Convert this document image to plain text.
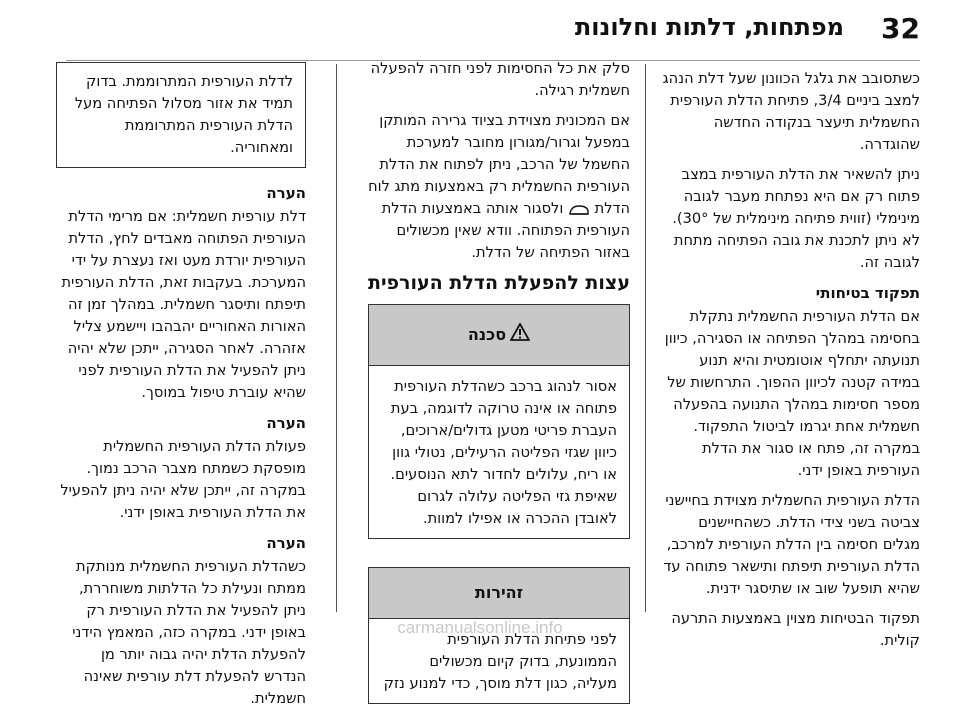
32
מפתחות, דלתות וחלונות

כשתסובב את גלגל הכוונון שעל דלת הנהג למצב ביניים 3/4, פתיחת הדלת העורפית החשמלית תיעצר בנקודה החדשה שהוגדרה.

ניתן להשאיר את הדלת העורפית במצב פתוח רק אם היא נפתחת מעבר לגובה מינימלי (זווית פתיחה מינימלית של 30°). לא ניתן לתכנת את גובה הפתיחה מתחת לגובה זה.

תפקוד בטיחותי

אם הדלת העורפית החשמלית נתקלת בחסימה במהלך הפתיחה או הסגירה, כיוון תנועתה יתחלף אוטומטית והיא תנוע במידה קטנה לכיוון ההפוך. התרחשות של מספר חסימות במהלך התנועה בהפעלה חשמלית אחת יגרמו לביטול התפקוד. במקרה זה, פתח או סגור את הדלת העורפית באופן ידני.

הדלת העורפית החשמלית מצוידת בחיישני צביטה בשני צידי הדלת. כשהחיישנים מגלים חסימה בין הדלת העורפית למרכב, הדלת העורפית תיפתח ותישאר פתוחה עד שהיא תופעל שוב או שתיסגר ידנית.

תפקוד הבטיחות מצוין באמצעות התרעה קולית.

סלק את כל החסימות לפני חזרה להפעלה חשמלית רגילה.

אם המכונית מצוידת בציוד גרירה המותקן במפעל וגרור/מגורון מחובר למערכת החשמל של הרכב, ניתן לפתוח את הדלת העורפית החשמלית רק באמצעות מתג לוח הדלת  ולסגור אותה באמצעות הדלת העורפית הפתוחה. וודא שאין מכשולים באזור הפתיחה של הדלת.

עצות להפעלת הדלת העורפית
סכנה
אסור לנהוג ברכב כשהדלת העורפית פתוחה או אינה טרוקה לדוגמה, בעת העברת פריטי מטען גדולים/ארוכים, כיוון שגזי הפליטה הרעילים, נטולי גוון או ריח, עלולים לחדור לתא הנוסעים. שאיפת גזי הפליטה עלולה לגרום לאובדן ההכרה או אפילו למוות.
זהירות
לפני פתיחת הדלת העורפית הממונעת, בדוק קיום מכשולים מעליה, כגון דלת מוסך, כדי למנוע נזק
לדלת העורפית המתרוממת. בדוק תמיד את אזור מסלול הפתיחה מעל הדלת העורפית המתרוממת ומאחוריה.
הערה

דלת עורפית חשמלית: אם מרימי הדלת העורפית הפתוחה מאבדים לחץ, הדלת העורפית יורדת מעט ואז נעצרת על ידי המערכת. בעקבות זאת, הדלת העורפית תיפתח ותיסגר חשמלית. במהלך זמן זה האורות האחוריים יהבהבו ויישמע צליל אזהרה. לאחר הסגירה, ייתכן שלא יהיה ניתן להפעיל את הדלת העורפית לפני שהיא עוברת טיפול במוסך.

הערה

פעולת הדלת העורפית החשמלית מופסקת כשמתח מצבר הרכב נמוך. במקרה זה, ייתכן שלא יהיה ניתן להפעיל את הדלת העורפית באופן ידני.

הערה

כשהדלת העורפית החשמלית מנותקת ממתח ונעילת כל הדלתות משוחררת, ניתן להפעיל את הדלת העורפית רק באופן ידני. במקרה כזה, המאמץ הידני להפעלת הדלת יהיה גבוה יותר מן הנדרש להפעלת דלת עורפית שאינה חשמלית.

carmanualsonline.info
